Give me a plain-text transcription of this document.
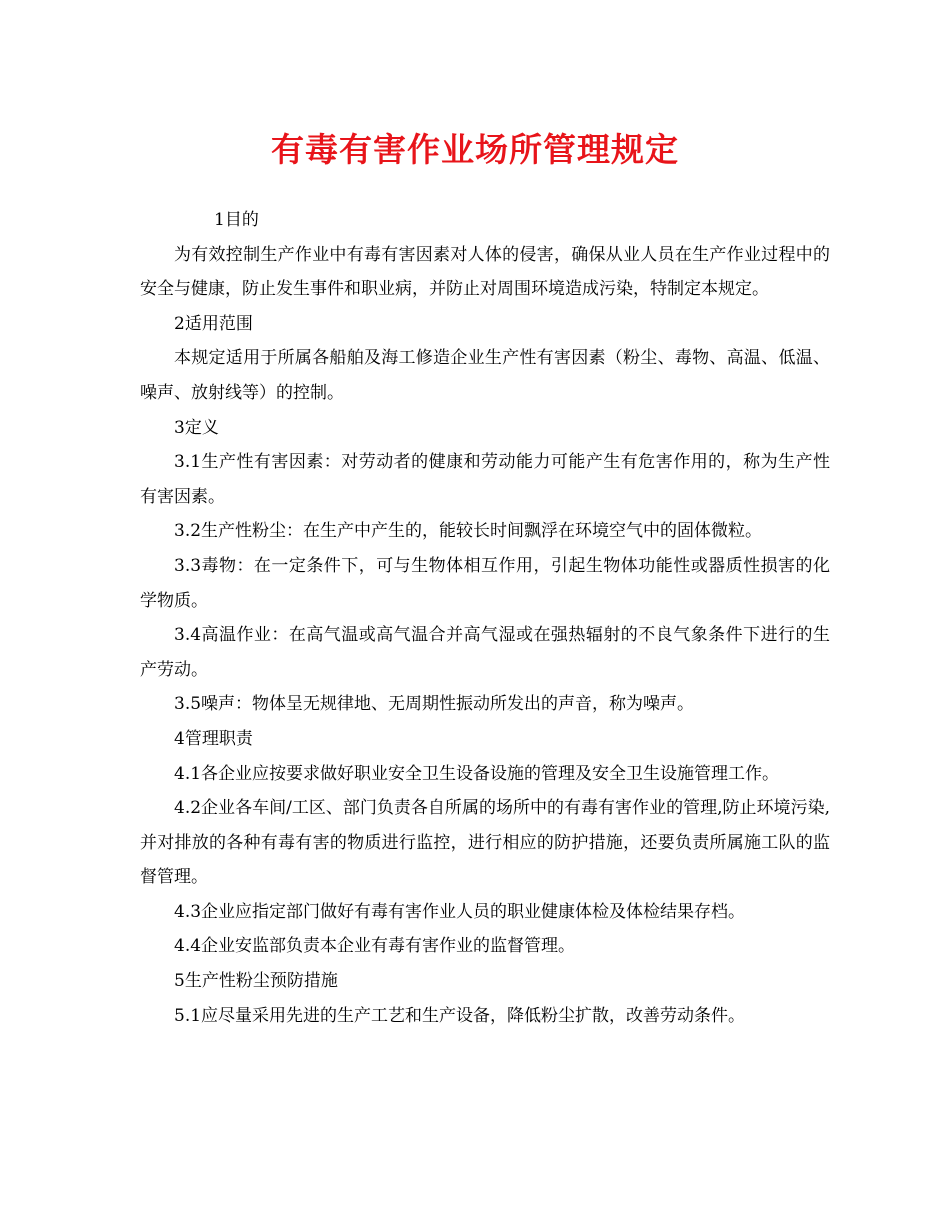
有毒有害作业场所管理规定

1目的

为有效控制生产作业中有毒有害因素对人体的侵害，确保从业人员在生产作业过程中的安全与健康，防止发生事件和职业病，并防止对周围环境造成污染，特制定本规定。

2适用范围

本规定适用于所属各船舶及海工修造企业生产性有害因素（粉尘、毒物、高温、低温、噪声、放射线等）的控制。

3定义

3.1生产性有害因素：对劳动者的健康和劳动能力可能产生有危害作用的，称为生产性有害因素。

3.2生产性粉尘：在生产中产生的，能较长时间飘浮在环境空气中的固体微粒。

3.3毒物：在一定条件下，可与生物体相互作用，引起生物体功能性或器质性损害的化学物质。

3.4高温作业：在高气温或高气温合并高气湿或在强热辐射的不良气象条件下进行的生产劳动。

3.5噪声：物体呈无规律地、无周期性振动所发出的声音，称为噪声。

4管理职责

4.1各企业应按要求做好职业安全卫生设备设施的管理及安全卫生设施管理工作。

4.2企业各车间/工区、部门负责各自所属的场所中的有毒有害作业的管理,防止环境污染,并对排放的各种有毒有害的物质进行监控，进行相应的防护措施，还要负责所属施工队的监督管理。

4.3企业应指定部门做好有毒有害作业人员的职业健康体检及体检结果存档。

4.4企业安监部负责本企业有毒有害作业的监督管理。

5生产性粉尘预防措施

5.1应尽量采用先进的生产工艺和生产设备，降低粉尘扩散，改善劳动条件。
